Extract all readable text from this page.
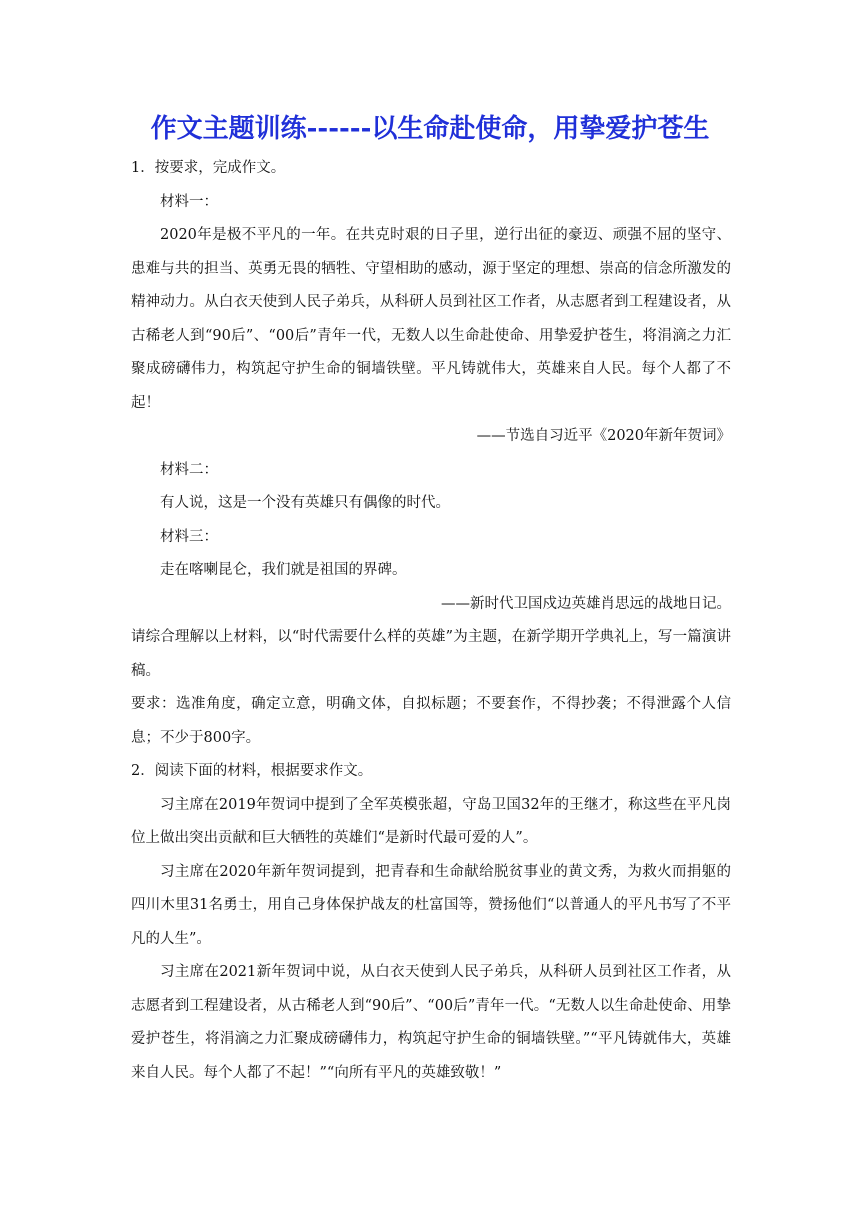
作文主题训练------以生命赴使命，用挚爱护苍生

1．按要求，完成作文。

材料一：

2020年是极不平凡的一年。在共克时艰的日子里，逆行出征的豪迈、顽强不屈的坚守、患难与共的担当、英勇无畏的牺牲、守望相助的感动，源于坚定的理想、崇高的信念所激发的精神动力。从白衣天使到人民子弟兵，从科研人员到社区工作者，从志愿者到工程建设者，从古稀老人到“90后”、“00后”青年一代，无数人以生命赴使命、用挚爱护苍生，将涓滴之力汇聚成磅礴伟力，构筑起守护生命的铜墙铁壁。平凡铸就伟大，英雄来自人民。每个人都了不起！

——节选自习近平《2020年新年贺词》

材料二：

有人说，这是一个没有英雄只有偶像的时代。

材料三：

走在喀喇昆仑，我们就是祖国的界碑。

——新时代卫国戍边英雄肖思远的战地日记。

请综合理解以上材料，以“时代需要什么样的英雄”为主题，在新学期开学典礼上，写一篇演讲稿。

要求：选准角度，确定立意，明确文体，自拟标题；不要套作，不得抄袭；不得泄露个人信息；不少于800字。

2．阅读下面的材料，根据要求作文。

习主席在2019年贺词中提到了全军英模张超，守岛卫国32年的王继才，称这些在平凡岗位上做出突出贡献和巨大牺牲的英雄们“是新时代最可爱的人”。

习主席在2020年新年贺词提到，把青春和生命献给脱贫事业的黄文秀，为救火而捐躯的四川木里31名勇士，用自己身体保护战友的杜富国等，赞扬他们“以普通人的平凡书写了不平凡的人生”。

习主席在2021新年贺词中说，从白衣天使到人民子弟兵，从科研人员到社区工作者，从志愿者到工程建设者，从古稀老人到“90后”、“00后”青年一代。“无数人以生命赴使命、用挚爱护苍生，将涓滴之力汇聚成磅礴伟力，构筑起守护生命的铜墙铁壁。”“平凡铸就伟大，英雄来自人民。每个人都了不起！”“向所有平凡的英雄致敬！”
